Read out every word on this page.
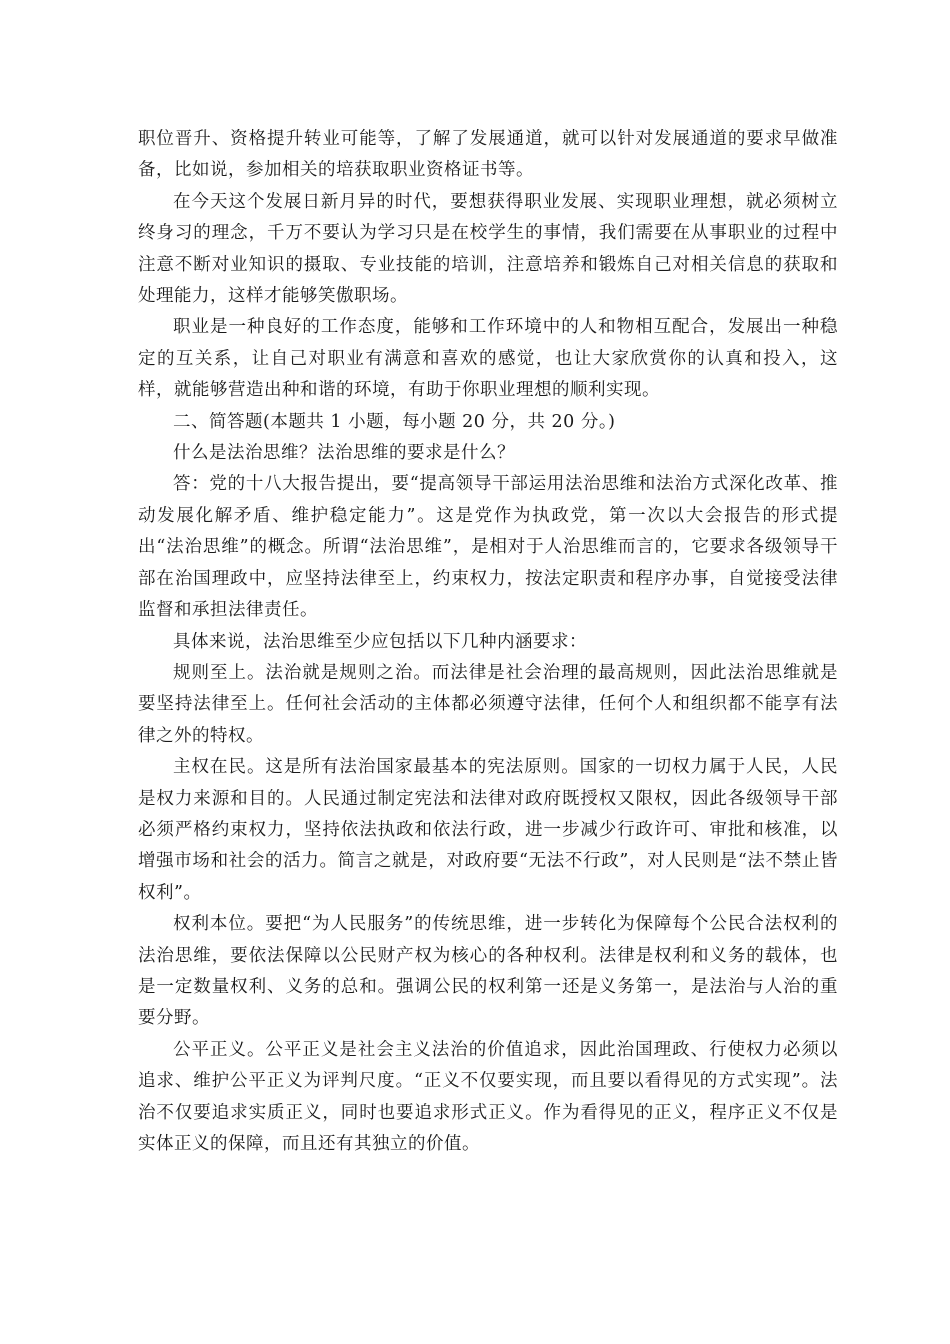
职位晋升、资格提升转业可能等，了解了发展通道，就可以针对发展通道的要求早做准备，比如说，参加相关的培获取职业资格证书等。

在今天这个发展日新月异的时代，要想获得职业发展、实现职业理想，就必须树立终身习的理念，千万不要认为学习只是在校学生的事情，我们需要在从事职业的过程中注意不断对业知识的摄取、专业技能的培训，注意培养和锻炼自己对相关信息的获取和处理能力，这样才能够笑傲职场。

职业是一种良好的工作态度，能够和工作环境中的人和物相互配合，发展出一种稳定的互关系，让自己对职业有满意和喜欢的感觉，也让大家欣赏你的认真和投入，这样，就能够营造出种和谐的环境，有助于你职业理想的顺利实现。

二、简答题(本题共 1 小题，每小题 20 分，共 20 分。)

什么是法治思维？法治思维的要求是什么？

答：党的十八大报告提出，要“提高领导干部运用法治思维和法治方式深化改革、推动发展化解矛盾、维护稳定能力”。这是党作为执政党，第一次以大会报告的形式提出“法治思维”的概念。所谓“法治思维”，是相对于人治思维而言的，它要求各级领导干部在治国理政中，应坚持法律至上，约束权力，按法定职责和程序办事，自觉接受法律监督和承担法律责任。

具体来说，法治思维至少应包括以下几种内涵要求：

规则至上。法治就是规则之治。而法律是社会治理的最高规则，因此法治思维就是要坚持法律至上。任何社会活动的主体都必须遵守法律，任何个人和组织都不能享有法律之外的特权。

主权在民。这是所有法治国家最基本的宪法原则。国家的一切权力属于人民，人民是权力来源和目的。人民通过制定宪法和法律对政府既授权又限权，因此各级领导干部必须严格约束权力，坚持依法执政和依法行政，进一步减少行政许可、审批和核准，以增强市场和社会的活力。简言之就是，对政府要“无法不行政”，对人民则是“法不禁止皆权利”。

权利本位。要把“为人民服务”的传统思维，进一步转化为保障每个公民合法权利的法治思维，要依法保障以公民财产权为核心的各种权利。法律是权利和义务的载体，也是一定数量权利、义务的总和。强调公民的权利第一还是义务第一，是法治与人治的重要分野。

公平正义。公平正义是社会主义法治的价值追求，因此治国理政、行使权力必须以追求、维护公平正义为评判尺度。“正义不仅要实现，而且要以看得见的方式实现”。法治不仅要追求实质正义，同时也要追求形式正义。作为看得见的正义，程序正义不仅是实体正义的保障，而且还有其独立的价值。
